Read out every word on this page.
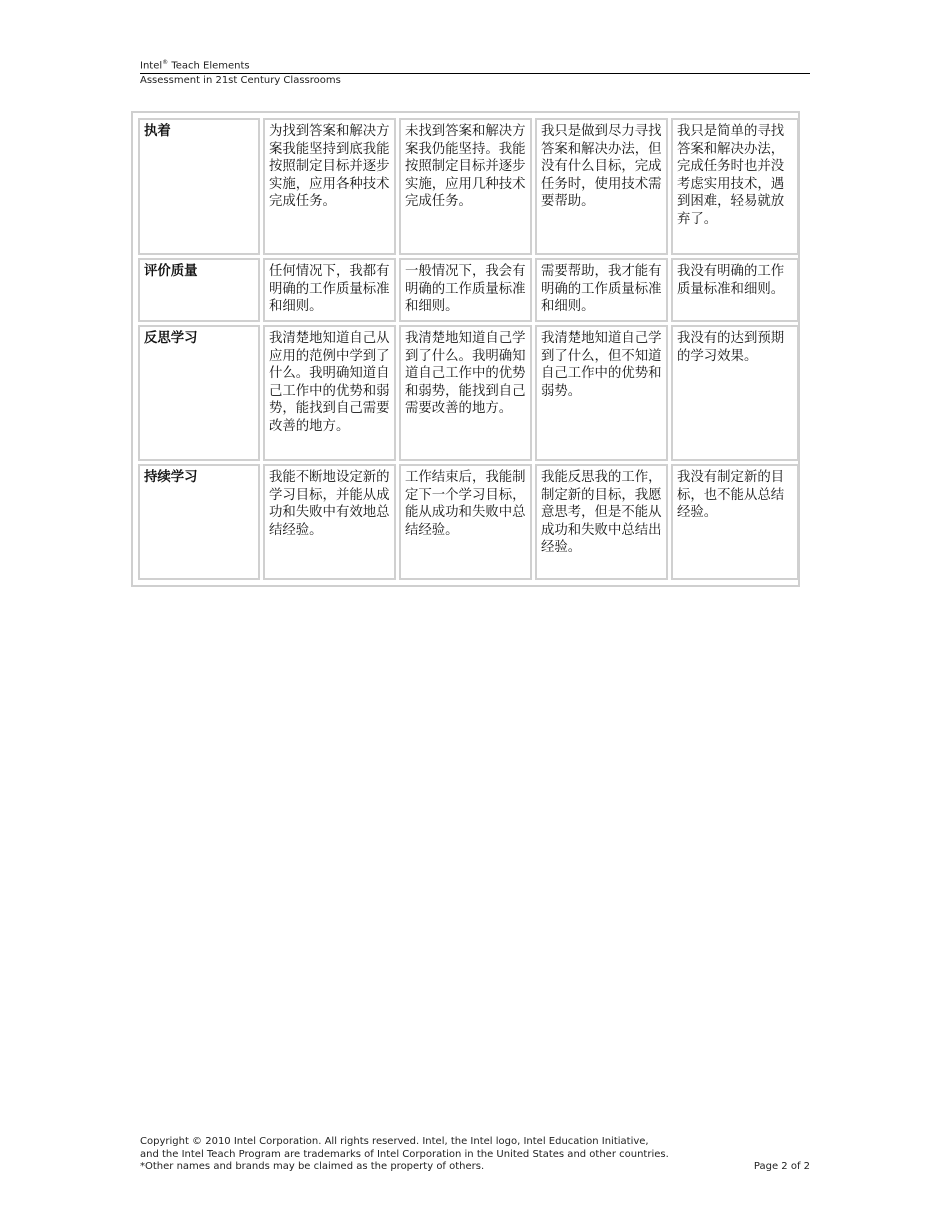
Intel® Teach Elements
Assessment in 21st Century Classrooms
执着	为找到答案和解决方案我能坚持到底我能按照制定目标并逐步实施，应用各种技术完成任务。	未找到答案和解决方案我仍能坚持。我能按照制定目标并逐步实施，应用几种技术完成任务。	我只是做到尽力寻找答案和解决办法，但没有什么目标，完成任务时，使用技术需要帮助。	我只是简单的寻找答案和解决办法，完成任务时也并没考虑实用技术，遇到困难，轻易就放弃了。
评价质量	任何情况下，我都有明确的工作质量标准和细则。	一般情况下，我会有明确的工作质量标准和细则。	需要帮助，我才能有明确的工作质量标准和细则。	我没有明确的工作质量标准和细则。
反思学习	我清楚地知道自己从应用的范例中学到了什么。我明确知道自己工作中的优势和弱势，能找到自己需要改善的地方。	我清楚地知道自己学到了什么。我明确知道自己工作中的优势和弱势，能找到自己需要改善的地方。	我清楚地知道自己学到了什么，但不知道自己工作中的优势和弱势。	我没有的达到预期的学习效果。
持续学习	我能不断地设定新的学习目标，并能从成功和失败中有效地总结经验。	工作结束后，我能制定下一个学习目标，能从成功和失败中总结经验。	我能反思我的工作，制定新的目标，我愿意思考，但是不能从成功和失败中总结出经验。	我没有制定新的目标，也不能从总结经验。
Copyright © 2010 Intel Corporation. All rights reserved. Intel, the Intel logo, Intel Education Initiative,
and the Intel Teach Program are trademarks of Intel Corporation in the United States and other countries.
*Other names and brands may be claimed as the property of others.	Page 2 of 2
